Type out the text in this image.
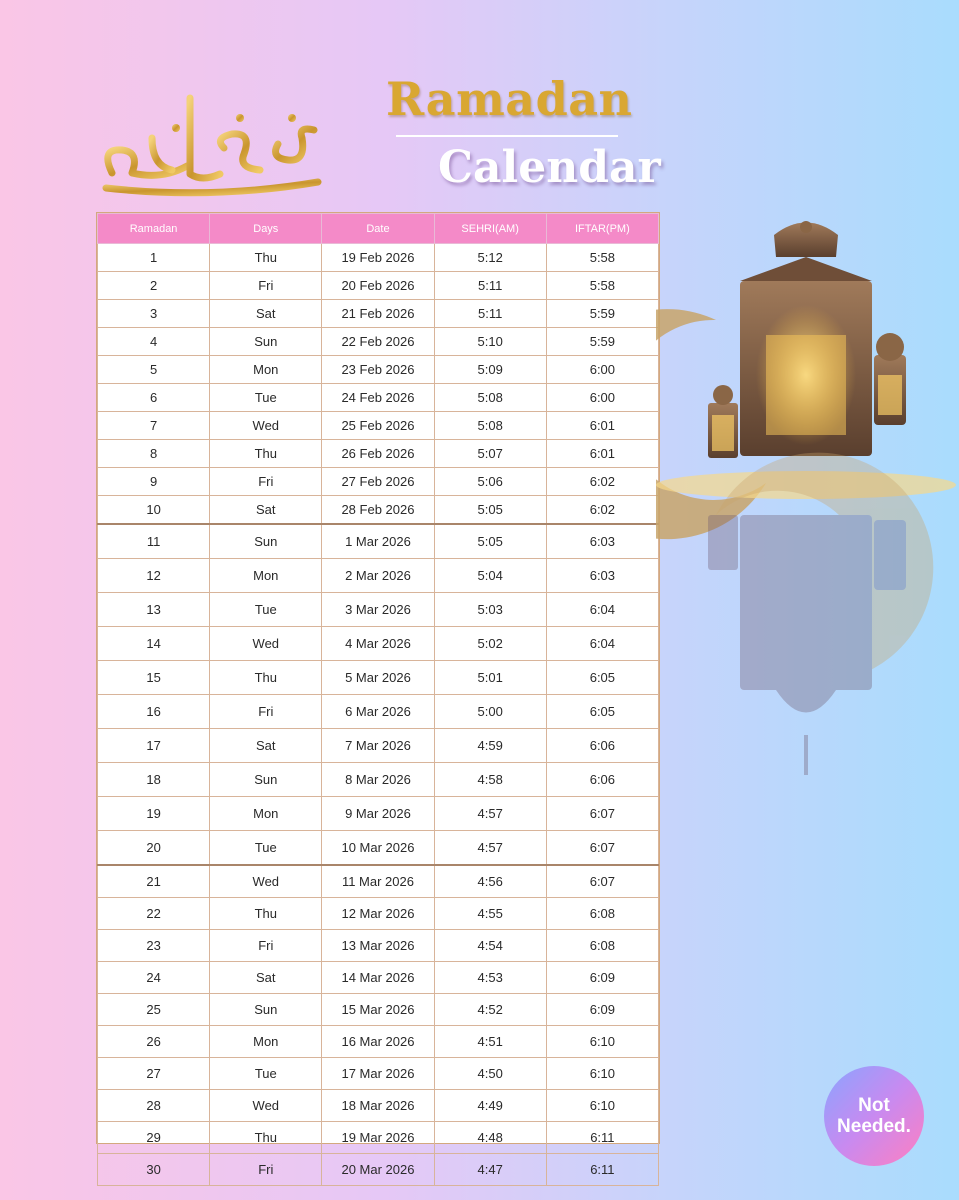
Ramadan
Calendar
Ramadan	Days	Date	SEHRI(AM)	IFTAR(PM)
1	Thu	19 Feb 2026	5:12	5:58
2	Fri	20 Feb 2026	5:11	5:58
3	Sat	21 Feb 2026	5:11	5:59
4	Sun	22 Feb 2026	5:10	5:59
5	Mon	23 Feb 2026	5:09	6:00
6	Tue	24 Feb 2026	5:08	6:00
7	Wed	25 Feb 2026	5:08	6:01
8	Thu	26 Feb 2026	5:07	6:01
9	Fri	27 Feb 2026	5:06	6:02
10	Sat	28 Feb 2026	5:05	6:02
11	Sun	1 Mar 2026	5:05	6:03
12	Mon	2 Mar 2026	5:04	6:03
13	Tue	3 Mar 2026	5:03	6:04
14	Wed	4 Mar 2026	5:02	6:04
15	Thu	5 Mar 2026	5:01	6:05
16	Fri	6 Mar 2026	5:00	6:05
17	Sat	7 Mar 2026	4:59	6:06
18	Sun	8 Mar 2026	4:58	6:06
19	Mon	9 Mar 2026	4:57	6:07
20	Tue	10 Mar 2026	4:57	6:07
21	Wed	11 Mar 2026	4:56	6:07
22	Thu	12 Mar 2026	4:55	6:08
23	Fri	13 Mar 2026	4:54	6:08
24	Sat	14 Mar 2026	4:53	6:09
25	Sun	15 Mar 2026	4:52	6:09
26	Mon	16 Mar 2026	4:51	6:10
27	Tue	17 Mar 2026	4:50	6:10
28	Wed	18 Mar 2026	4:49	6:10
29	Thu	19 Mar 2026	4:48	6:11
30	Fri	20 Mar 2026	4:47	6:11
Not
Needed.
